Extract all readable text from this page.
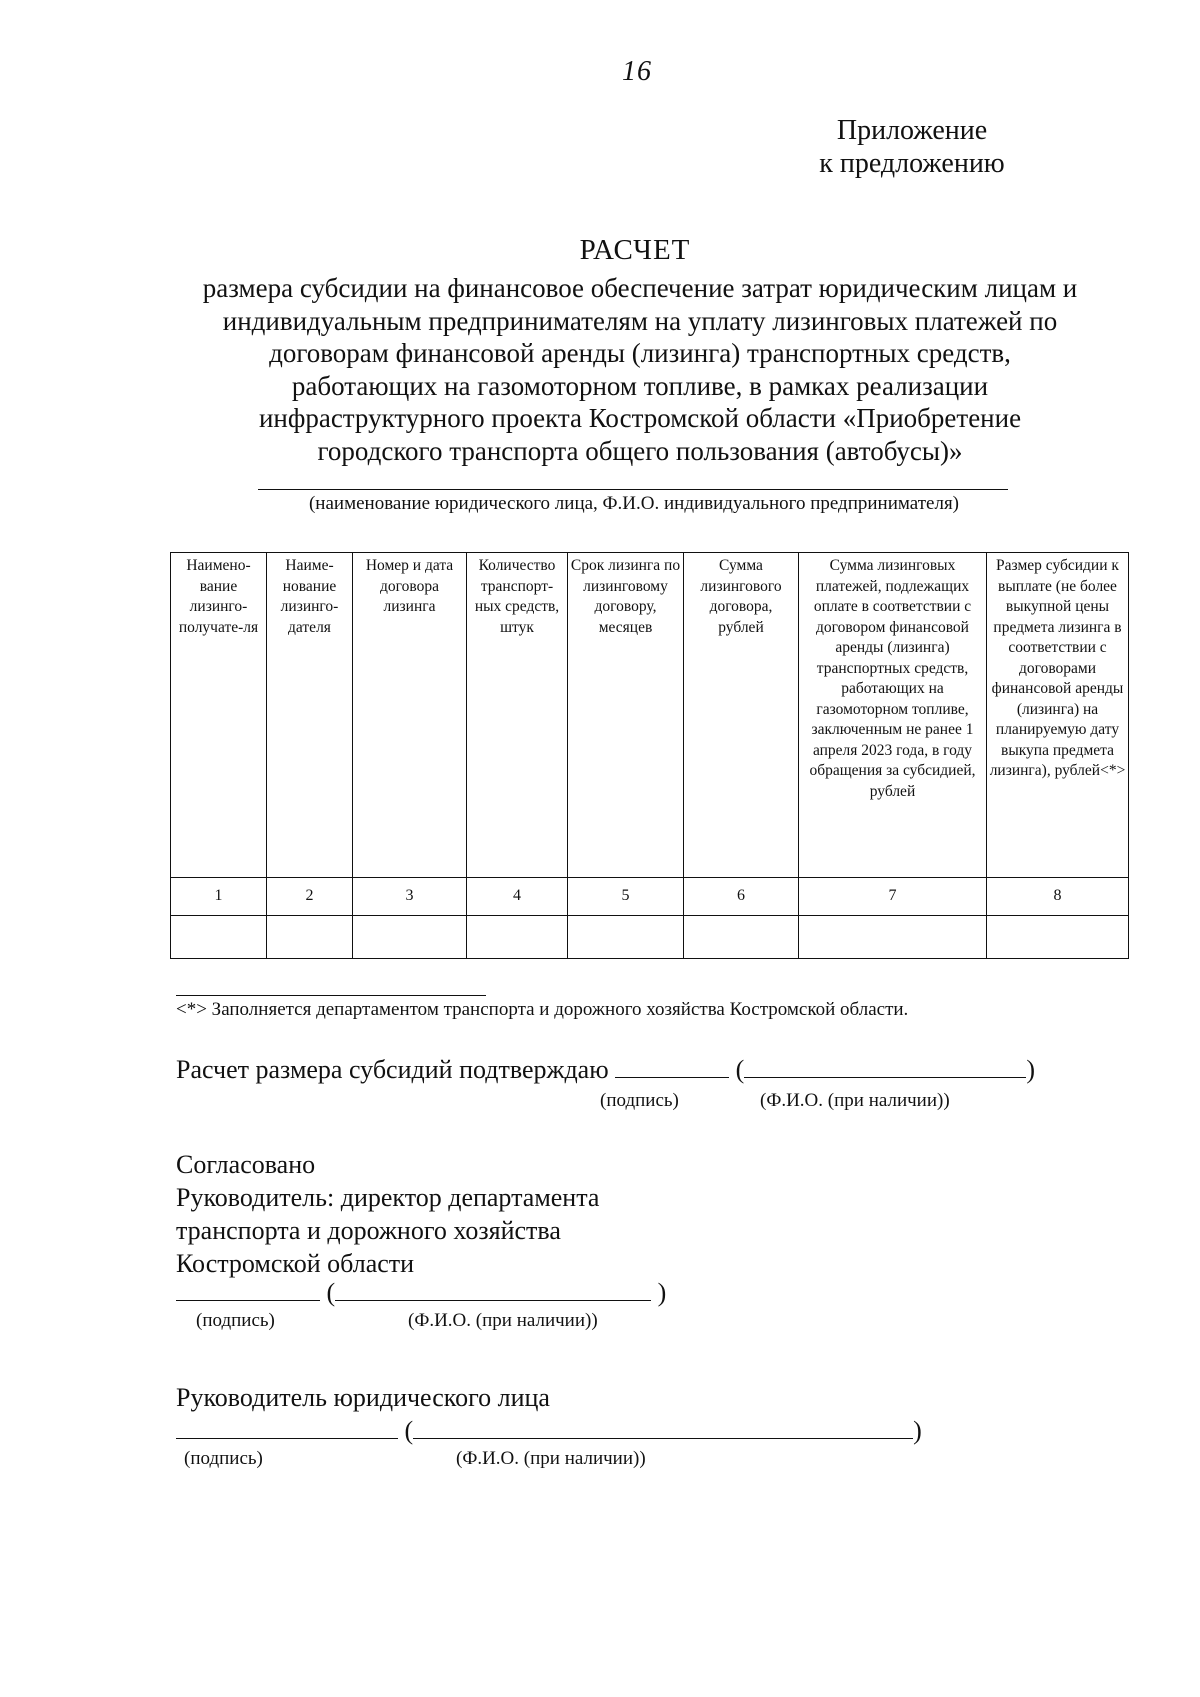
16
Приложение
к предложению
РАСЧЕТ
размера субсидии на финансовое обеспечение затрат юридическим лицам и индивидуальным предпринимателям на уплату лизинговых платежей по договорам финансовой аренды (лизинга) транспортных средств, работающих на газомоторном топливе, в рамках реализации инфраструктурного проекта Костромской области «Приобретение городского транспорта общего пользования (автобусы)»
(наименование юридического лица, Ф.И.О. индивидуального предпринимателя)
Наимено-вание лизинго-получате-ля	Наиме-нование лизинго-дателя	Номер и дата договора лизинга	Количество транспорт-ных средств, штук	Срок лизинга по лизинговому договору, месяцев	Сумма лизингового договора, рублей	Сумма лизинговых платежей, подлежащих оплате в соответствии с договором финансовой аренды (лизинга) транспортных средств, работающих на газомоторном топливе, заключенным не ранее 1 апреля 2023 года, в году обращения за субсидией, рублей	Размер субсидии к выплате (не более выкупной цены предмета лизинга в соответствии с договорами финансовой аренды (лизинга) на планируемую дату выкупа предмета лизинга), рублей<*>
1	2	3	4	5	6	7	8

<*> Заполняется департаментом транспорта и дорожного хозяйства Костромской области.
Расчет размера субсидий подтверждаю	(	)
(подпись)	(Ф.И.О. (при наличии))
Согласовано
Руководитель: директор департамента
транспорта и дорожного хозяйства
Костромской области
(	)
(подпись)	(Ф.И.О. (при наличии))
Руководитель юридического лица
(	)
(подпись)	(Ф.И.О. (при наличии))
